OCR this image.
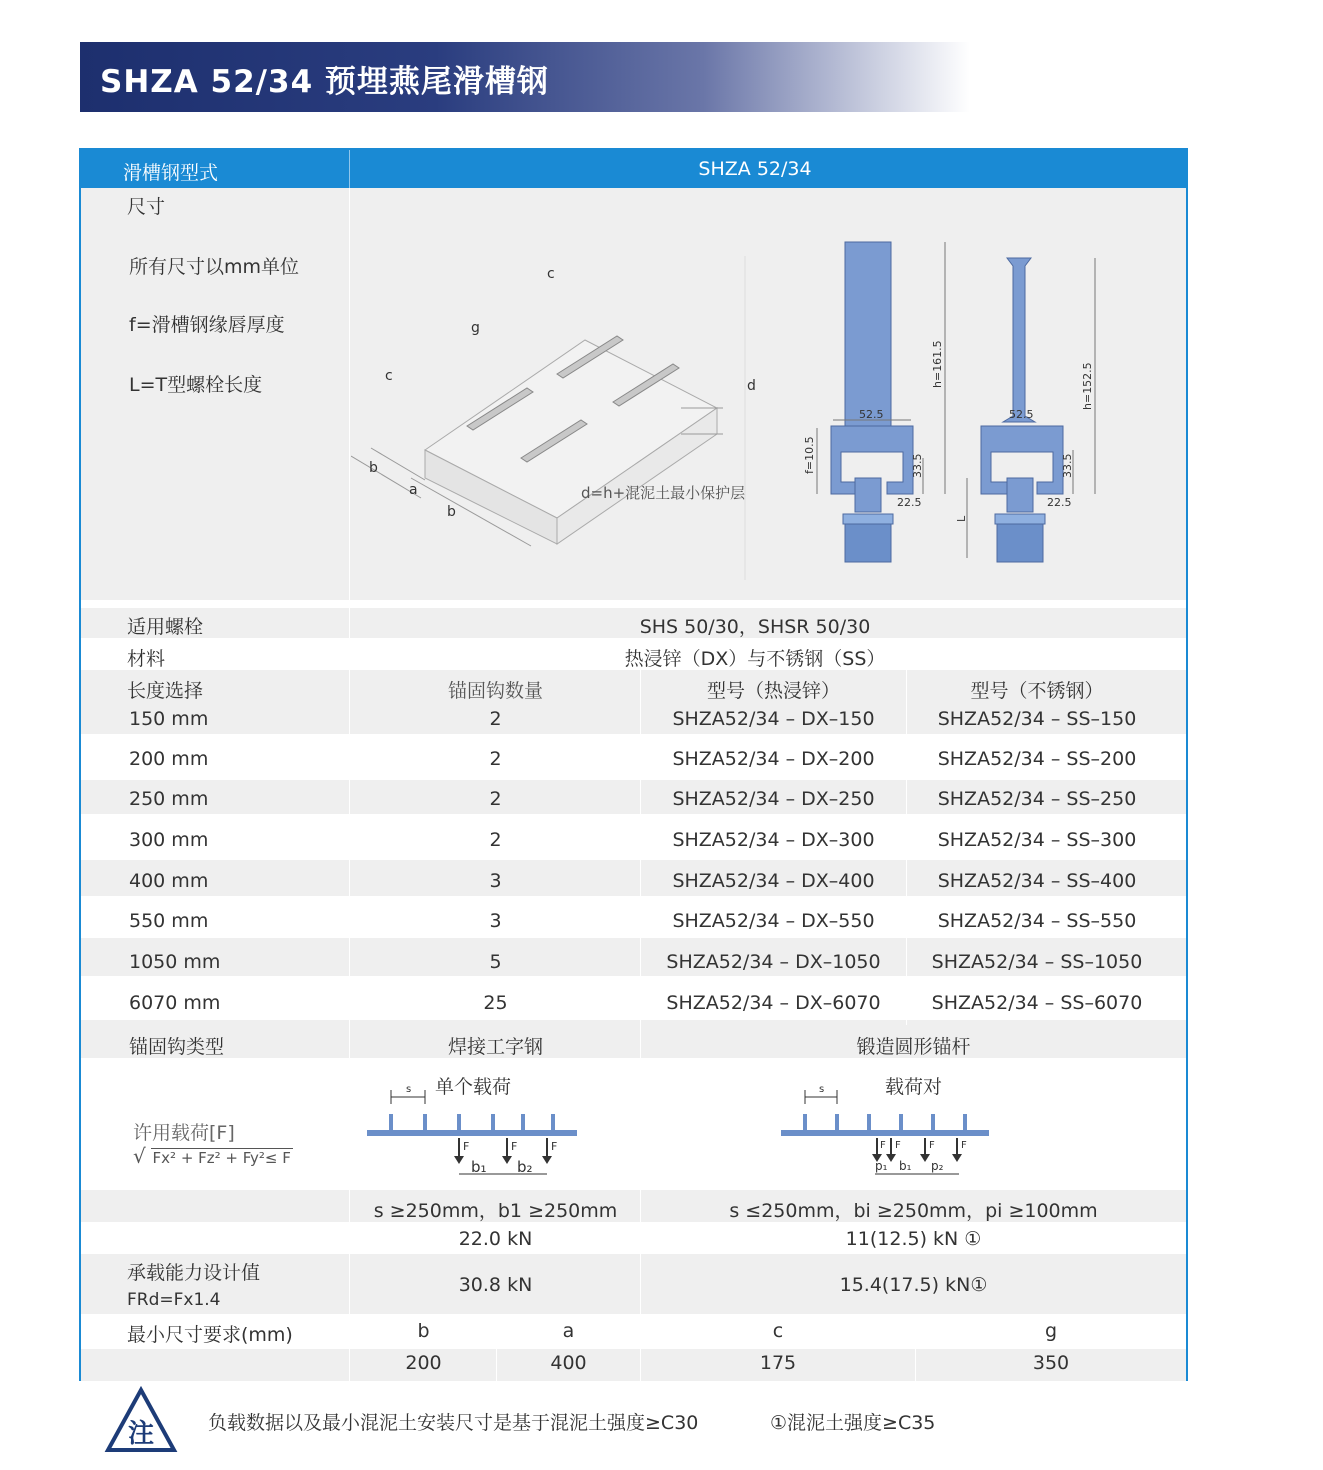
SHZA 52/34 预埋燕尾滑槽钢
滑槽钢型式	SHZA 52/34
尺寸
所有尺寸以mm单位
f=滑槽钢缘唇厚度
L=T型螺栓长度
c
g
c
d
b
a
b
d=h+混泥土最小保护层
52.5
h=161.5
f=10.5	33.5
22.5
52.5
h=152.5
33.5
22.5
L
适用螺栓	SHS 50/30，SHSR 50/30
材料	热浸锌（DX）与不锈钢（SS）
长度选择	锚固钩数量	型号（热浸锌）	型号（不锈钢）
150 mm	2	SHZA52/34 – DX–150	SHZA52/34 – SS–150
200 mm	2	SHZA52/34 – DX–200	SHZA52/34 – SS–200
250 mm	2	SHZA52/34 – DX–250	SHZA52/34 – SS–250
300 mm	2	SHZA52/34 – DX–300	SHZA52/34 – SS–300
400 mm	3	SHZA52/34 – DX–400	SHZA52/34 – SS–400
550 mm	3	SHZA52/34 – DX–550	SHZA52/34 – SS–550
1050 mm	5	SHZA52/34 – DX–1050	SHZA52/34 – SS–1050
6070 mm	25	SHZA52/34 – DX–6070	SHZA52/34 – SS–6070
锚固钩类型	焊接工字钢	锻造圆形锚杆
许用载荷[F]
√ Fx² + Fz² + Fy²≤ F
单个载荷	载荷对
s
F	F	F
b₁ b₂
s
F F	F	F
p₁ b₁ p₂
s ≥250mm，b1 ≥250mm	s ≤250mm，bi ≥250mm，pi ≥100mm
22.0 kN	11(12.5) kN ①
承载能力设计值
FRd=Fx1.4
30.8 kN	15.4(17.5) kN①
最小尺寸要求(mm)	b	a	c	g
200	400	175	350
注	负载数据以及最小混泥土安装尺寸是基于混泥土强度≥C30	①混泥土强度≥C35
